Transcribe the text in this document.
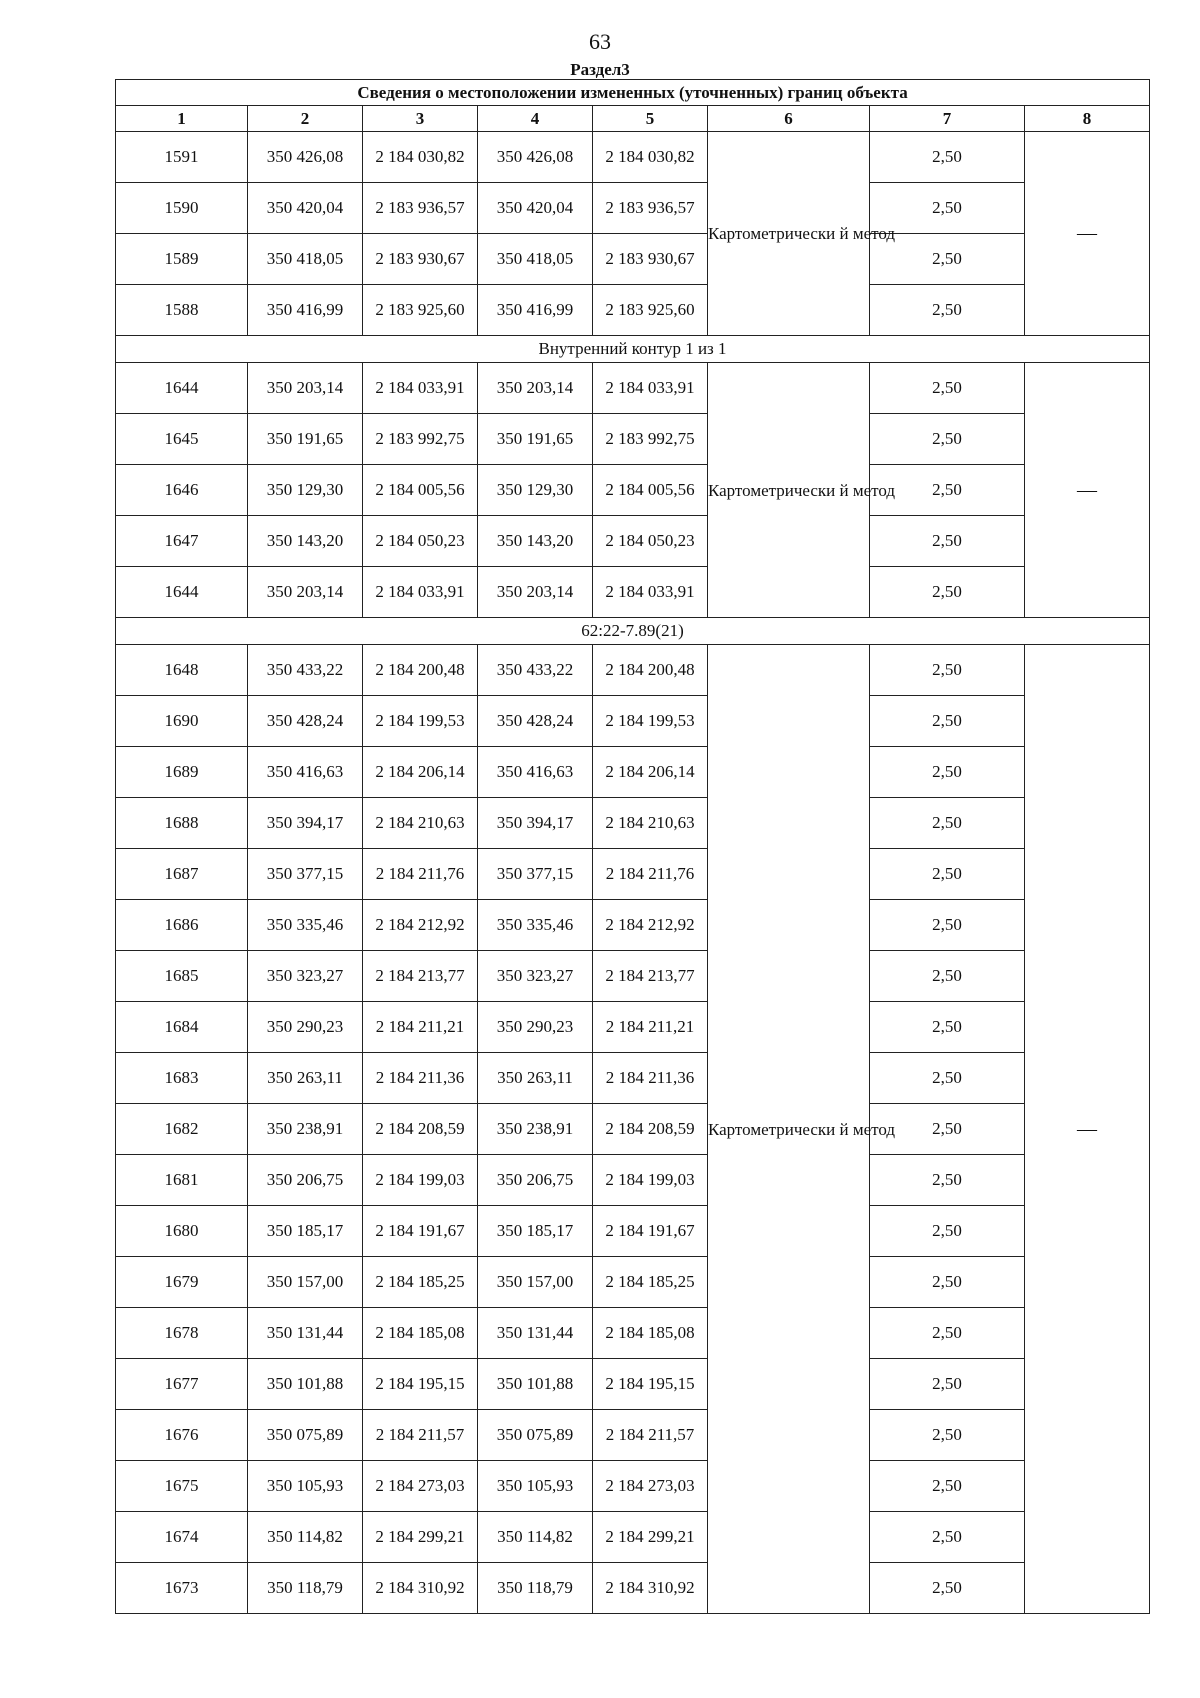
63
Раздел3
Сведения о местоположении измененных (уточненных) границ объекта							
1	2	3	4	5	6	7	8
1591	350 426,08	2 184 030,82	350 426,08	2 184 030,82	Картометрически й метод	2,50	—
1590	350 420,04	2 183 936,57	350 420,04	2 183 936,57		2,50	
1589	350 418,05	2 183 930,67	350 418,05	2 183 930,67		2,50	
1588	350 416,99	2 183 925,60	350 416,99	2 183 925,60		2,50	
Внутренний контур 1 из 1							
1644	350 203,14	2 184 033,91	350 203,14	2 184 033,91	Картометрически й метод	2,50	—
1645	350 191,65	2 183 992,75	350 191,65	2 183 992,75		2,50	
1646	350 129,30	2 184 005,56	350 129,30	2 184 005,56		2,50	
1647	350 143,20	2 184 050,23	350 143,20	2 184 050,23		2,50	
1644	350 203,14	2 184 033,91	350 203,14	2 184 033,91		2,50	
62:22-7.89(21)							
1648	350 433,22	2 184 200,48	350 433,22	2 184 200,48	Картометрически й метод	2,50	—
1690	350 428,24	2 184 199,53	350 428,24	2 184 199,53		2,50	
1689	350 416,63	2 184 206,14	350 416,63	2 184 206,14		2,50	
1688	350 394,17	2 184 210,63	350 394,17	2 184 210,63		2,50	
1687	350 377,15	2 184 211,76	350 377,15	2 184 211,76		2,50	
1686	350 335,46	2 184 212,92	350 335,46	2 184 212,92		2,50	
1685	350 323,27	2 184 213,77	350 323,27	2 184 213,77		2,50	
1684	350 290,23	2 184 211,21	350 290,23	2 184 211,21		2,50	
1683	350 263,11	2 184 211,36	350 263,11	2 184 211,36		2,50	
1682	350 238,91	2 184 208,59	350 238,91	2 184 208,59		2,50	
1681	350 206,75	2 184 199,03	350 206,75	2 184 199,03		2,50	
1680	350 185,17	2 184 191,67	350 185,17	2 184 191,67		2,50	
1679	350 157,00	2 184 185,25	350 157,00	2 184 185,25		2,50	
1678	350 131,44	2 184 185,08	350 131,44	2 184 185,08		2,50	
1677	350 101,88	2 184 195,15	350 101,88	2 184 195,15		2,50	
1676	350 075,89	2 184 211,57	350 075,89	2 184 211,57		2,50	
1675	350 105,93	2 184 273,03	350 105,93	2 184 273,03		2,50	
1674	350 114,82	2 184 299,21	350 114,82	2 184 299,21		2,50	
1673	350 118,79	2 184 310,92	350 118,79	2 184 310,92		2,50	
